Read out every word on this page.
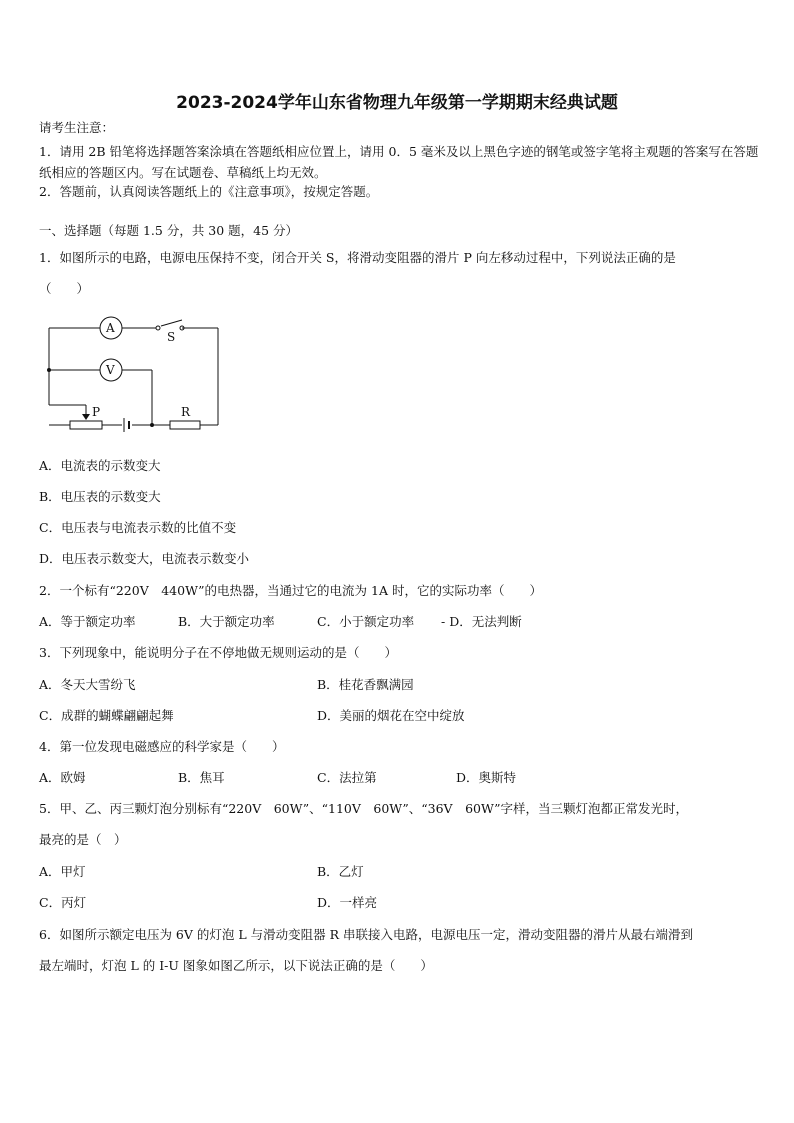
2023-2024学年山东省物理九年级第一学期期末经典试题
请考生注意：
1．请用 2B 铅笔将选择题答案涂填在答题纸相应位置上，请用 0．5 毫米及以上黑色字迹的钢笔或签字笔将主观题的答案写在答题纸相应的答题区内。写在试题卷、草稿纸上均无效。
2．答题前，认真阅读答题纸上的《注意事项》，按规定答题。
一、选择题（每题 1.5 分，共 30 题，45 分）
1．如图所示的电路，电源电压保持不变，闭合开关 S，将滑动变阻器的滑片 P 向左移动过程中，下列说法正确的是
（　　）
A
V
S
P	R
A．电流表的示数变大
B．电压表的示数变大
C．电压表与电流表示数的比值不变
D．电压表示数变大，电流表示数变小
2．一个标有“220V　440W”的电热器，当通过它的电流为 1A 时，它的实际功率（　　）
A．等于额定功率	B．大于额定功率	C．小于额定功率 - D．无法判断
3．下列现象中，能说明分子在不停地做无规则运动的是（　　）
A．冬天大雪纷飞	B．桂花香飘满园
C．成群的蝴蝶翩翩起舞	D．美丽的烟花在空中绽放
4．第一位发现电磁感应的科学家是（　　）
A．欧姆	B．焦耳	C．法拉第	D．奥斯特
5．甲、乙、丙三颗灯泡分别标有“220V　60W”、“110V　60W”、“36V　60W”字样，当三颗灯泡都正常发光时，
最亮的是（　）
A．甲灯	B．乙灯
C．丙灯	D．一样亮
6．如图所示额定电压为 6V 的灯泡 L 与滑动变阻器 R 串联接入电路，电源电压一定，滑动变阻器的滑片从最右端滑到
最左端时，灯泡 L 的 I-U 图象如图乙所示，以下说法正确的是（　　）
